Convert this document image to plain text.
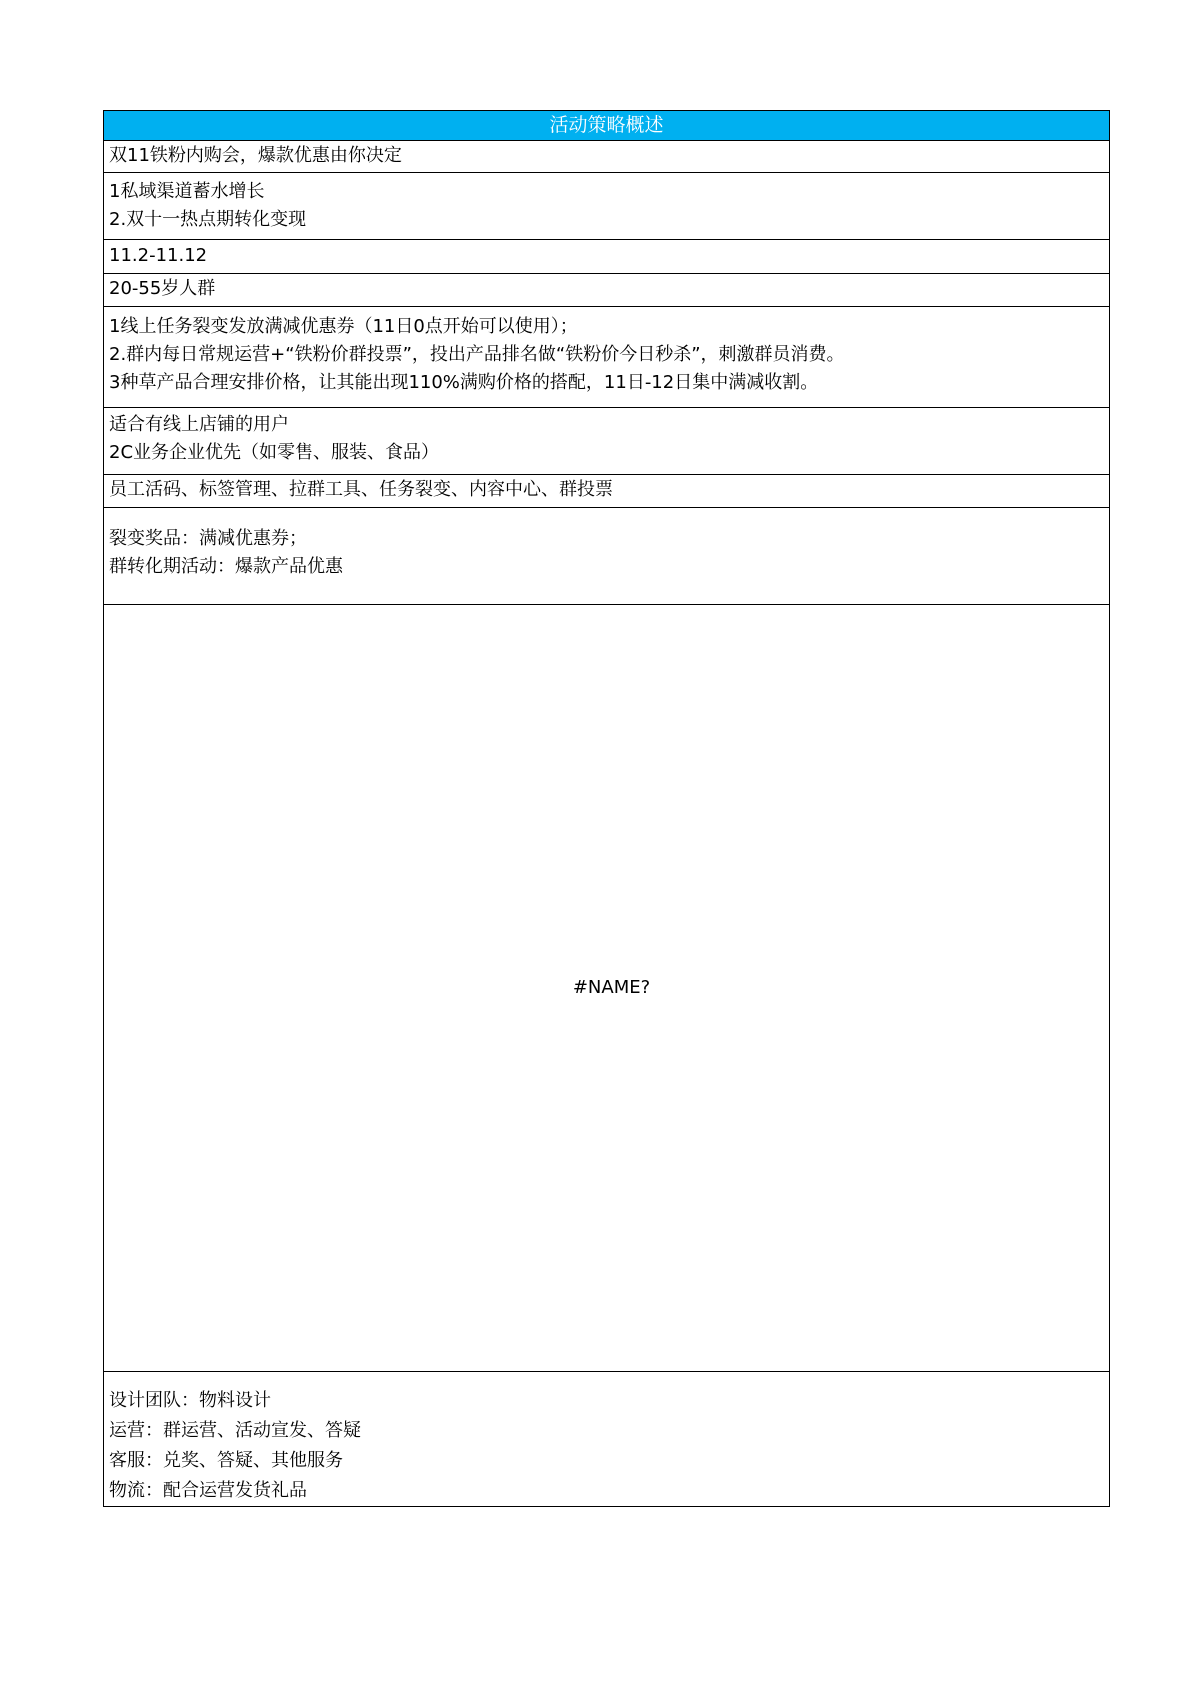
活动策略概述
双11铁粉内购会，爆款优惠由你决定
1私域渠道蓄水增长
2.双十一热点期转化变现
11.2-11.12
20-55岁人群
1线上任务裂变发放满减优惠券（11日0点开始可以使用）；
2.群内每日常规运营+“铁粉价群投票”，投出产品排名做“铁粉价今日秒杀”，刺激群员消费。
3种草产品合理安排价格，让其能出现110%满购价格的搭配，11日-12日集中满减收割。
适合有线上店铺的用户
2C业务企业优先（如零售、服装、食品）
员工活码、标签管理、拉群工具、任务裂变、内容中心、群投票
裂变奖品：满减优惠券；
群转化期活动：爆款产品优惠
#NAME?
设计团队：物料设计
运营：群运营、活动宣发、答疑
客服：兑奖、答疑、其他服务
物流：配合运营发货礼品
